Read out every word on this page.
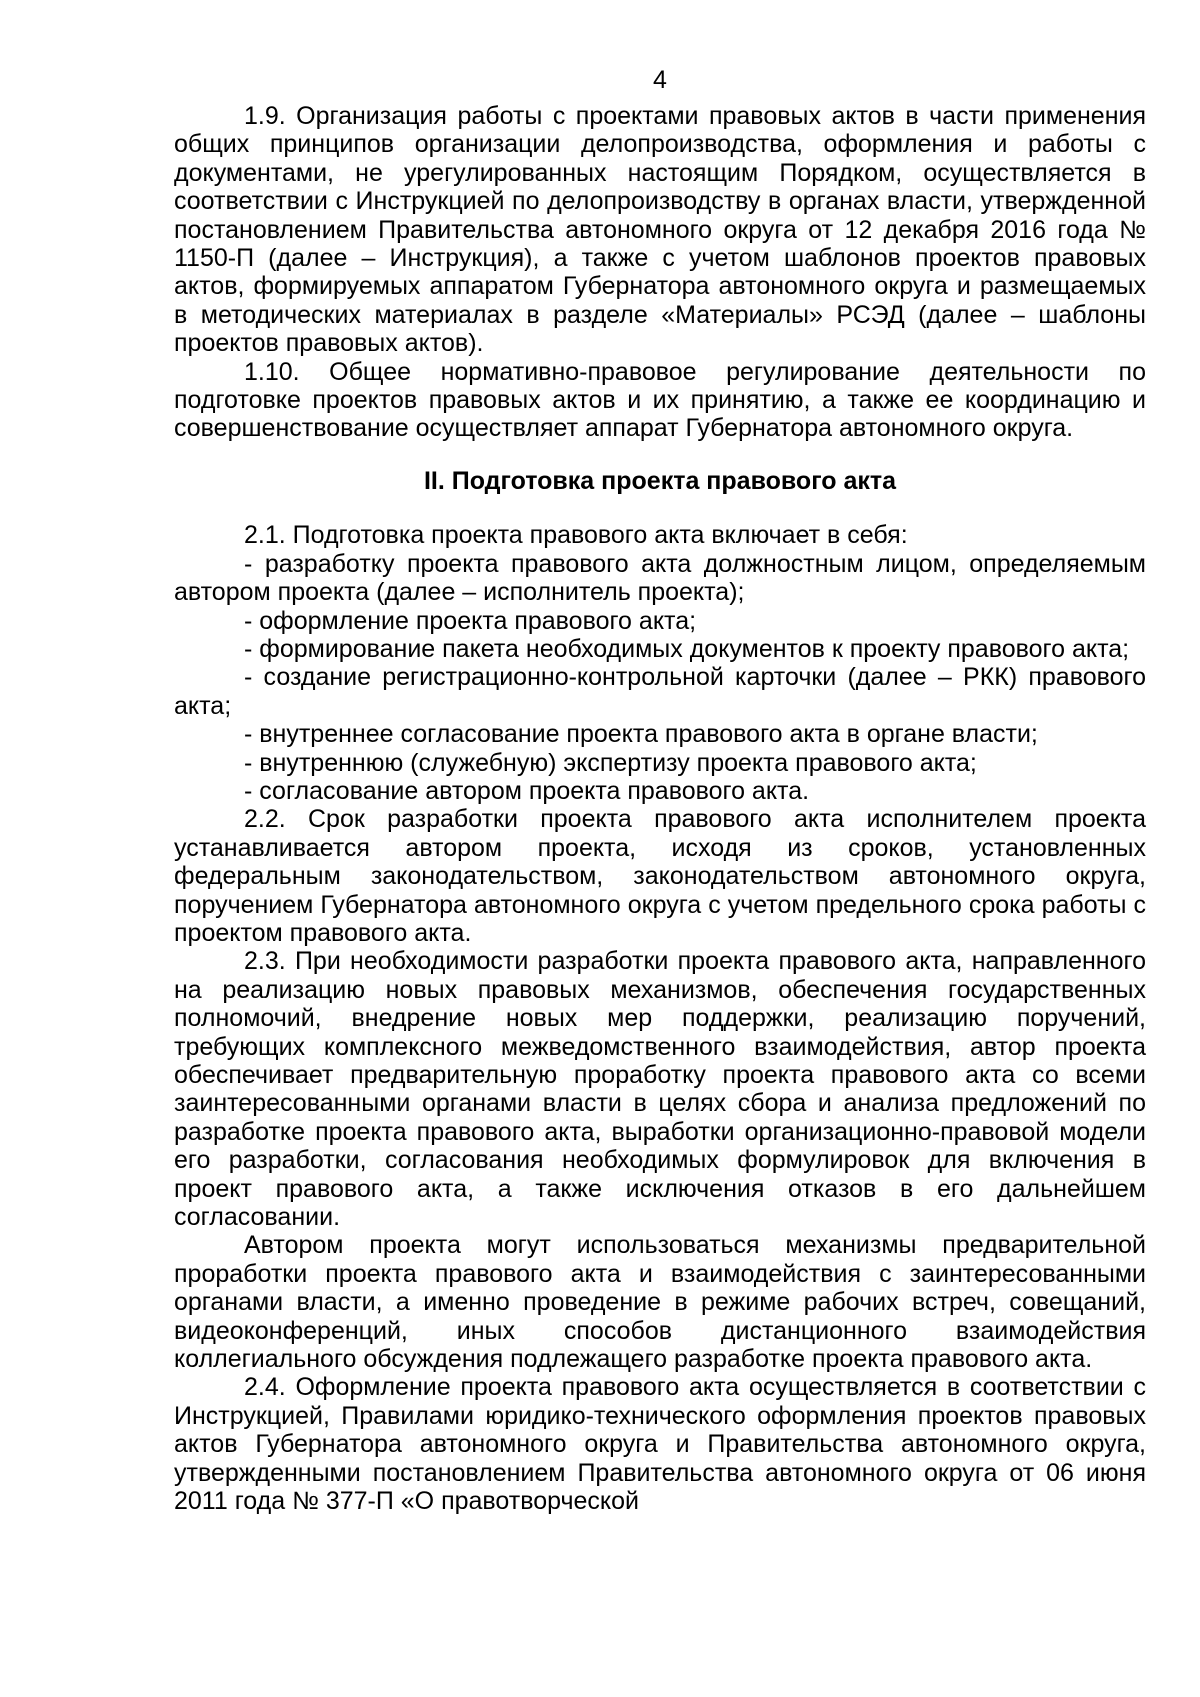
4

1.9. Организация работы с проектами правовых актов в части применения общих принципов организации делопроизводства, оформления и работы с документами, не урегулированных настоящим Порядком, осуществляется в соответствии с Инструкцией по делопроизводству в органах власти, утвержденной постановлением Правительства автономного округа от 12 декабря 2016 года № 1150-П (далее – Инструкция), а также с учетом шаблонов проектов правовых актов, формируемых аппаратом Губернатора автономного округа и размещаемых в методических материалах в разделе «Материалы» РСЭД (далее – шаблоны проектов правовых актов).

1.10. Общее нормативно-правовое регулирование деятельности по подготовке проектов правовых актов и их принятию, а также ее координацию и совершенствование осуществляет аппарат Губернатора автономного округа.

II. Подготовка проекта правового акта

2.1. Подготовка проекта правового акта включает в себя:

- разработку проекта правового акта должностным лицом, определяемым автором проекта (далее – исполнитель проекта);

- оформление проекта правового акта;

- формирование пакета необходимых документов к проекту правового акта;

- создание регистрационно-контрольной карточки (далее – РКК) правового акта;

- внутреннее согласование проекта правового акта в органе власти;

- внутреннюю (служебную) экспертизу проекта правового акта;

- согласование автором проекта правового акта.

2.2. Срок разработки проекта правового акта исполнителем проекта устанавливается автором проекта, исходя из сроков, установленных федеральным законодательством, законодательством автономного округа, поручением Губернатора автономного округа с учетом предельного срока работы с проектом правового акта.

2.3. При необходимости разработки проекта правового акта, направленного на реализацию новых правовых механизмов, обеспечения государственных полномочий, внедрение новых мер поддержки, реализацию поручений, требующих комплексного межведомственного взаимодействия, автор проекта обеспечивает предварительную проработку проекта правового акта со всеми заинтересованными органами власти в целях сбора и анализа предложений по разработке проекта правового акта, выработки организационно-правовой модели его разработки, согласования необходимых формулировок для включения в проект правового акта, а также исключения отказов в его дальнейшем согласовании.

Автором проекта могут использоваться механизмы предварительной проработки проекта правового акта и взаимодействия с заинтересованными органами власти, а именно проведение в режиме рабочих встреч, совещаний, видеоконференций, иных способов дистанционного взаимодействия коллегиального обсуждения подлежащего разработке проекта правового акта.

2.4. Оформление проекта правового акта осуществляется в соответствии с Инструкцией, Правилами юридико-технического оформления проектов правовых актов Губернатора автономного округа и Правительства автономного округа, утвержденными постановлением Правительства автономного округа от 06 июня 2011 года № 377-П «О правотворческой
